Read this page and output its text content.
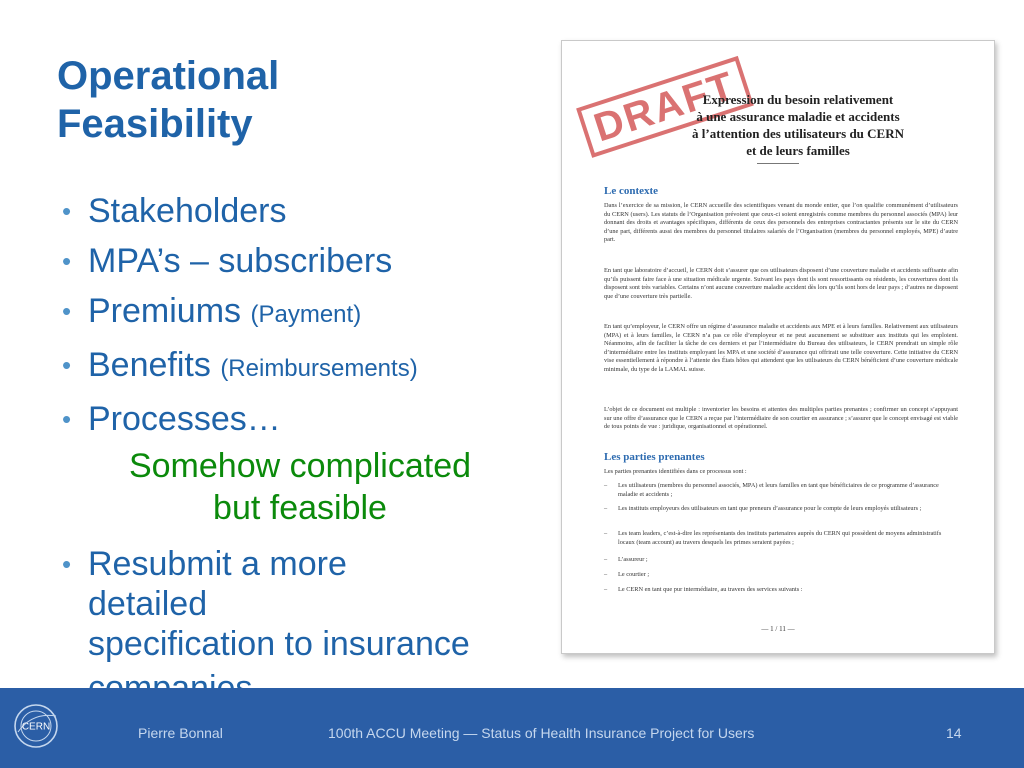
Operational
Feasibility
• Stakeholders
• MPA’s – subscribers
• Premiums (Payment)
• Benefits (Reimbursements)
• Processes…
Somehow complicated
but feasible
• Resubmit a more
detailed
specification to insurance
DRAFT
Expression du besoin relativement
à une assurance maladie et accidents
à l’attention des utilisateurs du CERN
et de leurs familles
Le contexte
Dans l’exercice de sa mission, le CERN accueille des scientifiques venant du monde entier, que l’on qualifie communément d’utilisateurs du CERN (users). Les statuts de l’Organisation prévoient que ceux-ci soient enregistrés comme membres du personnel associés (MPA) leur donnant des droits et avantages spécifiques, différents de ceux des personnels des entreprises contractantes présents sur le site du CERN d’une part, différents aussi des membres du personnel titulaires salariés de l’Organisation (membres du personnel employés, MPE) d’autre part.
En tant que laboratoire d’accueil, le CERN doit s’assurer que ces utilisateurs disposent d’une couverture maladie et accidents suffisante afin qu’ils puissent faire face à une situation médicale urgente. Suivant les pays dont ils sont ressortissants ou résidents, les couvertures dont ils disposent sont très variables. Certains n’ont aucune couverture maladie accident dès lors qu’ils sont hors de leur pays ; d’autres ne disposent que d’une couverture très partielle.
En tant qu’employeur, le CERN offre un régime d’assurance maladie et accidents aux MPE et à leurs familles. Relativement aux utilisateurs (MPA) et à leurs familles, le CERN n’a pas ce rôle d’employeur et ne peut aucunement se substituer aux instituts qui les emploient. Néanmoins, afin de faciliter la tâche de ces derniers et par l’intermédiaire du Bureau des utilisateurs, le CERN prendrait un simple rôle d’intermédiaire entre les instituts employant les MPA et une société d’assurance qui offrirait une telle couverture. Cette initiative du CERN vise essentiellement à répondre à l’attente des États hôtes qui attendent que les utilisateurs du CERN bénéficient d’une couverture médicale minimale, du type de la LAMAL suisse.
L’objet de ce document est multiple : inventorier les besoins et attentes des multiples parties prenantes ; confirmer un concept s’appuyant sur une offre d’assurance que le CERN a reçue par l’intermédiaire de son courtier en assurance ; s’assurer que le concept envisagé est viable de tous points de vue : juridique, organisationnel et opérationnel.
Les parties prenantes
Les parties prenantes identifiées dans ce processus sont :
– Les utilisateurs (membres du personnel associés, MPA) et leurs familles en tant que bénéficiaires de ce programme d’assurance maladie et accidents ;
– Les instituts employeurs des utilisateurs en tant que preneurs d’assurance pour le compte de leurs employés utilisateurs ;
– Les team leaders, c’est-à-dire les représentants des instituts partenaires auprès du CERN qui possèdent de moyens administratifs locaux (team account) au travers desquels les primes seraient payées ;
– L’assureur ;
– Le courtier ;
– Le CERN en tant que pur intermédiaire, au travers des services suivants :
— 1 / 11 —
CERN	Pierre Bonnal	100th ACCU Meeting — Status of Health Insurance Project for Users	14
